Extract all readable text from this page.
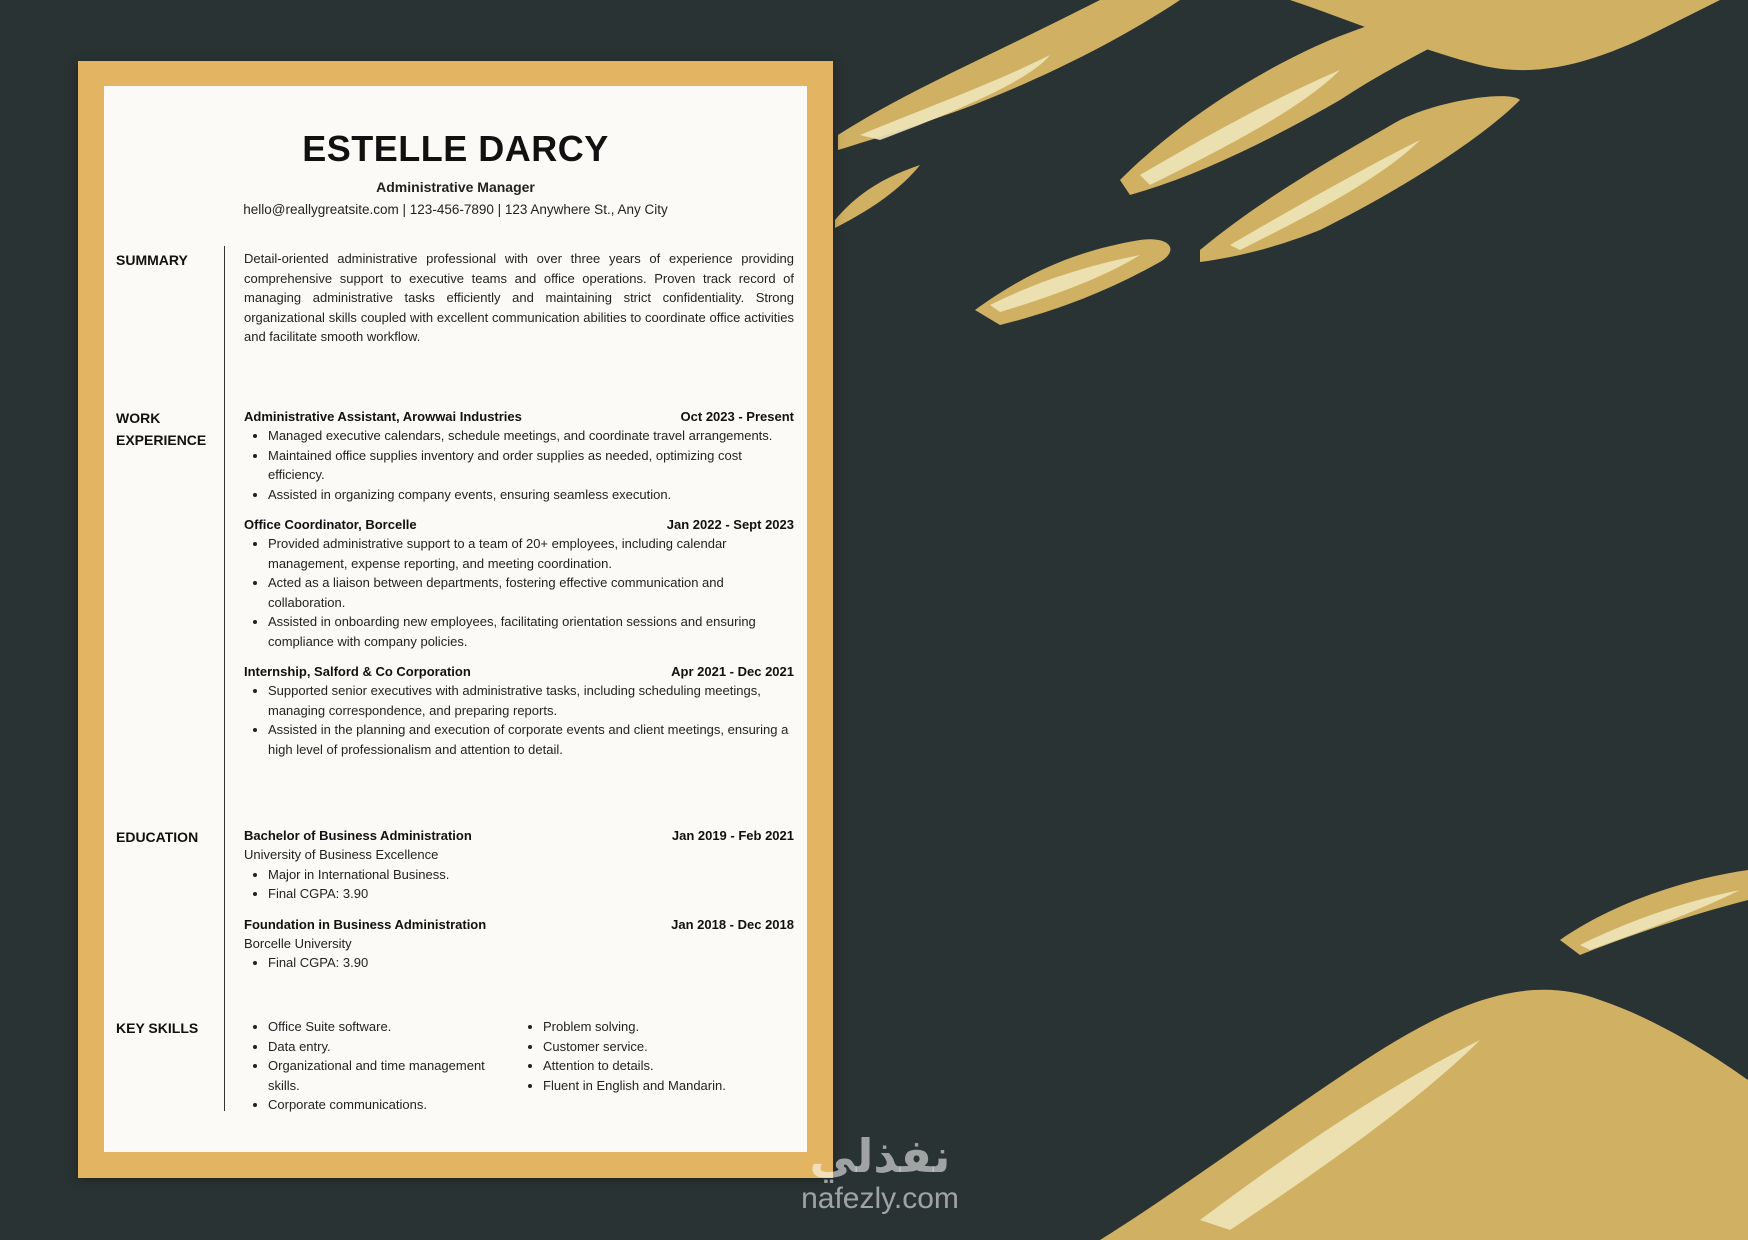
ESTELLE DARCY
Administrative Manager
hello@reallygreatsite.com | 123-456-7890 | 123 Anywhere St., Any City
SUMMARY	Detail-oriented administrative professional with over three years of experience providing comprehensive support to executive teams and office operations. Proven track record of managing administrative tasks efficiently and maintaining strict confidentiality. Strong organizational skills coupled with excellent communication abilities to coordinate office activities and facilitate smooth workflow.
WORK
EXPERIENCE
Administrative Assistant, Arowwai Industries	Oct 2023 - Present
• Managed executive calendars, schedule meetings, and coordinate travel arrangements.
• Maintained office supplies inventory and order supplies as needed, optimizing cost efficiency.
• Assisted in organizing company events, ensuring seamless execution.
Office Coordinator, Borcelle	Jan 2022 - Sept 2023
• Provided administrative support to a team of 20+ employees, including calendar management, expense reporting, and meeting coordination.
• Acted as a liaison between departments, fostering effective communication and collaboration.
• Assisted in onboarding new employees, facilitating orientation sessions and ensuring compliance with company policies.
Internship, Salford & Co Corporation	Apr 2021 - Dec 2021
• Supported senior executives with administrative tasks, including scheduling meetings, managing correspondence, and preparing reports.
• Assisted in the planning and execution of corporate events and client meetings, ensuring a high level of professionalism and attention to detail.
EDUCATION	Bachelor of Business Administration	Jan 2019 - Feb 2021
University of Business Excellence
• Major in International Business.
• Final CGPA: 3.90
Foundation in Business Administration	Jan 2018 - Dec 2018
Borcelle University
• Final CGPA: 3.90
KEY SKILLS
•	Office Suite software.
• Data entry.
• Organizational and time management skills.
• Corporate communications.
• Problem solving.
• Customer service.
• Attention to details.
• Fluent in English and Mandarin.
نفذلي
nafezly.com
